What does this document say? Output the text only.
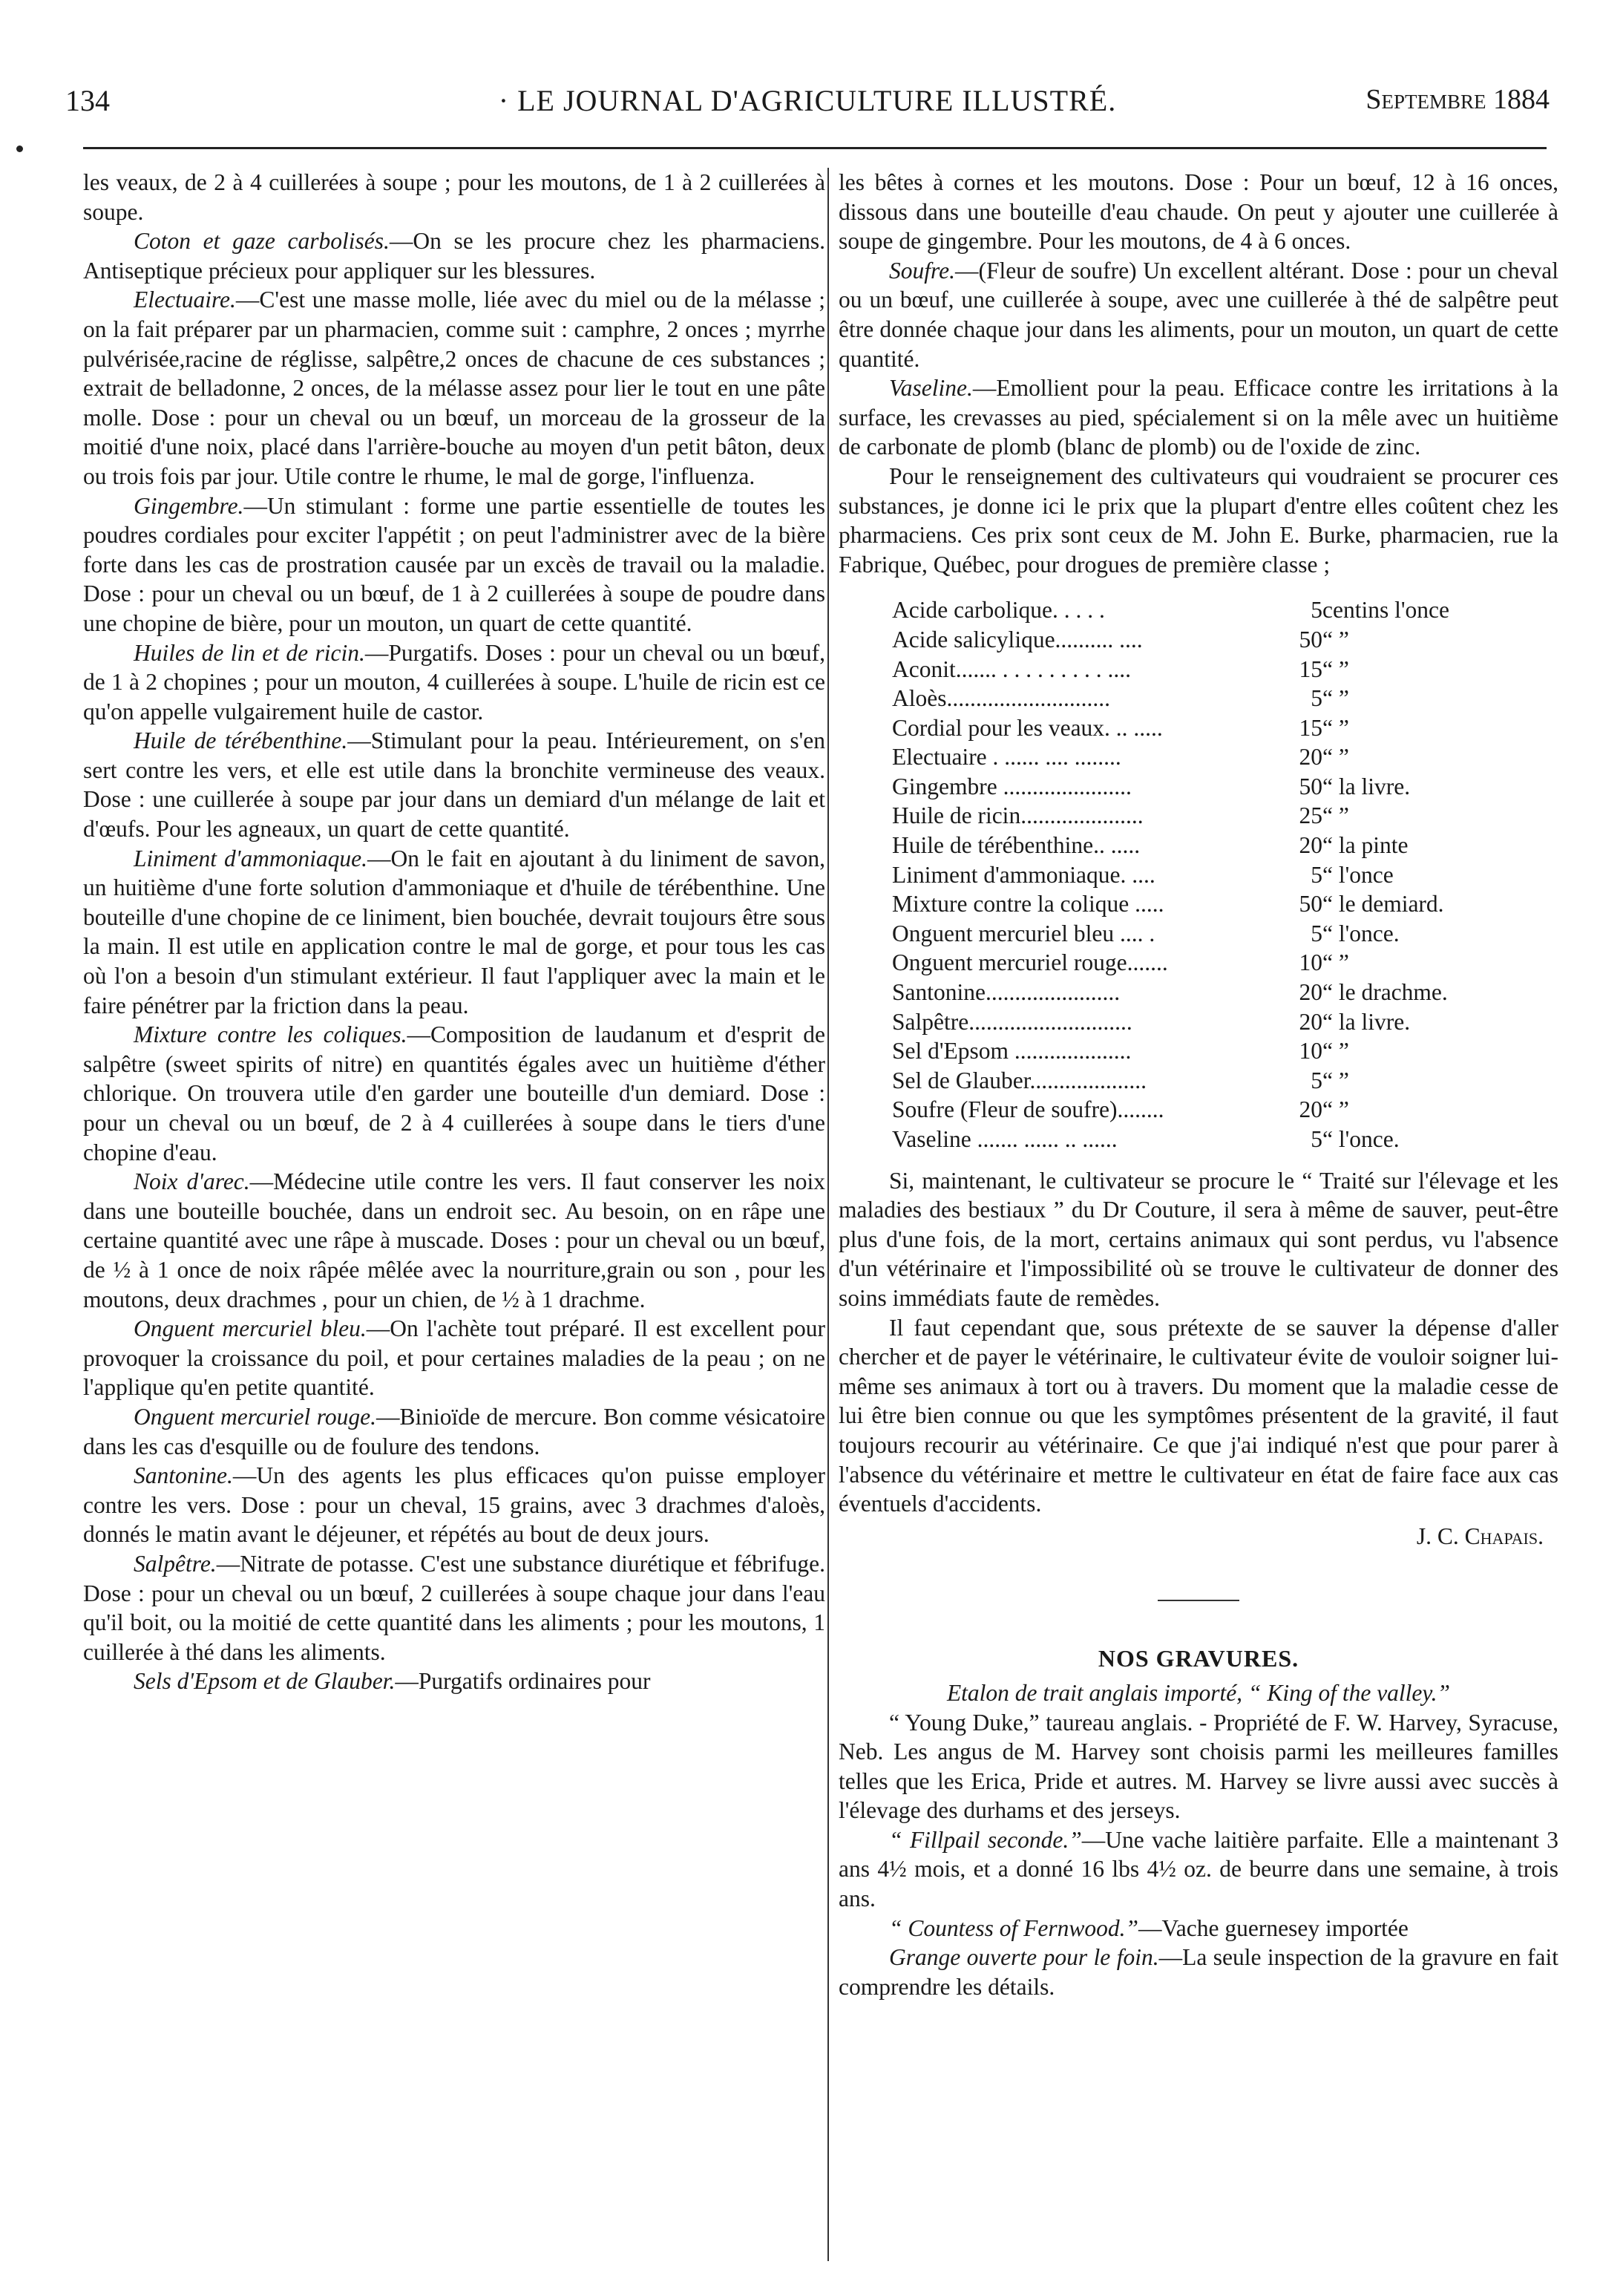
134	· LE JOURNAL D'AGRICULTURE ILLUSTRÉ.	Septembre 1884

les veaux, de 2 à 4 cuillerées à soupe ; pour les moutons, de 1 à 2 cuillerées à soupe.

Coton et gaze carbolisés.—On se les procure chez les pharmaciens. Antiseptique précieux pour appliquer sur les blessures.

Electuaire.—C'est une masse molle, liée avec du miel ou de la mélasse ; on la fait préparer par un pharmacien, comme suit : camphre, 2 onces ; myrrhe pulvérisée,racine de réglisse, salpêtre,2 onces de chacune de ces substances ; extrait de belladonne, 2 onces, de la mélasse assez pour lier le tout en une pâte molle. Dose : pour un cheval ou un bœuf, un morceau de la grosseur de la moitié d'une noix, placé dans l'arrière-bouche au moyen d'un petit bâton, deux ou trois fois par jour. Utile contre le rhume, le mal de gorge, l'influenza.

Gingembre.—Un stimulant : forme une partie essentielle de toutes les poudres cordiales pour exciter l'appétit ; on peut l'administrer avec de la bière forte dans les cas de prostration causée par un excès de travail ou la maladie. Dose : pour un cheval ou un bœuf, de 1 à 2 cuillerées à soupe de poudre dans une chopine de bière, pour un mouton, un quart de cette quantité.

Huiles de lin et de ricin.—Purgatifs. Doses : pour un cheval ou un bœuf, de 1 à 2 chopines ; pour un mouton, 4 cuillerées à soupe. L'huile de ricin est ce qu'on appelle vulgairement huile de castor.

Huile de térébenthine.—Stimulant pour la peau. Intérieurement, on s'en sert contre les vers, et elle est utile dans la bronchite vermineuse des veaux. Dose : une cuillerée à soupe par jour dans un demiard d'un mélange de lait et d'œufs. Pour les agneaux, un quart de cette quantité.

Liniment d'ammoniaque.—On le fait en ajoutant à du liniment de savon, un huitième d'une forte solution d'ammoniaque et d'huile de térébenthine. Une bouteille d'une chopine de ce liniment, bien bouchée, devrait toujours être sous la main. Il est utile en application contre le mal de gorge, et pour tous les cas où l'on a besoin d'un stimulant extérieur. Il faut l'appliquer avec la main et le faire pénétrer par la friction dans la peau.

Mixture contre les coliques.—Composition de laudanum et d'esprit de salpêtre (sweet spirits of nitre) en quantités égales avec un huitième d'éther chlorique. On trouvera utile d'en garder une bouteille d'un demiard. Dose : pour un cheval ou un bœuf, de 2 à 4 cuillerées à soupe dans le tiers d'une chopine d'eau.

Noix d'arec.—Médecine utile contre les vers. Il faut conserver les noix dans une bouteille bouchée, dans un endroit sec. Au besoin, on en râpe une certaine quantité avec une râpe à muscade. Doses : pour un cheval ou un bœuf, de ½ à 1 once de noix râpée mêlée avec la nourriture,grain ou son , pour les moutons, deux drachmes , pour un chien, de ½ à 1 drachme.

Onguent mercuriel bleu.—On l'achète tout préparé. Il est excellent pour provoquer la croissance du poil, et pour certaines maladies de la peau ; on ne l'applique qu'en petite quantité.

Onguent mercuriel rouge.—Binioïde de mercure. Bon comme vésicatoire dans les cas d'esquille ou de foulure des tendons.

Santonine.—Un des agents les plus efficaces qu'on puisse employer contre les vers. Dose : pour un cheval, 15 grains, avec 3 drachmes d'aloès, donnés le matin avant le déjeuner, et répétés au bout de deux jours.

Salpêtre.—Nitrate de potasse. C'est une substance diurétique et fébrifuge. Dose : pour un cheval ou un bœuf, 2 cuillerées à soupe chaque jour dans l'eau qu'il boit, ou la moitié de cette quantité dans les aliments ; pour les moutons, 1 cuillerée à thé dans les aliments.

Sels d'Epsom et de Glauber.—Purgatifs ordinaires pour

les bêtes à cornes et les moutons. Dose : Pour un bœuf, 12 à 16 onces, dissous dans une bouteille d'eau chaude. On peut y ajouter une cuillerée à soupe de gingembre. Pour les moutons, de 4 à 6 onces.

Soufre.—(Fleur de soufre) Un excellent altérant. Dose : pour un cheval ou un bœuf, une cuillerée à soupe, avec une cuillerée à thé de salpêtre peut être donnée chaque jour dans les aliments, pour un mouton, un quart de cette quantité.

Vaseline.—Emollient pour la peau. Efficace contre les irritations à la surface, les crevasses au pied, spécialement si on la mêle avec un huitième de carbonate de plomb (blanc de plomb) ou de l'oxide de zinc.

Pour le renseignement des cultivateurs qui voudraient se procurer ces substances, je donne ici le prix que la plupart d'entre elles coûtent chez les pharmaciens. Ces prix sont ceux de M. John E. Burke, pharmacien, rue la Fabrique, Québec, pour drogues de première classe ;

Acide carbolique. . . . .	5	centins l'once
Acide salicylique.......... ....	50	“ ”
Aconit....... . . . . . . . . . ....	15	“ ”
Aloès............................	5	“ ”
Cordial pour les veaux. .. .....	15	“ ”
Electuaire . ...... .... ........	20	“ ”
Gingembre ......................	50	“ la livre.
Huile de ricin.....................	25	“ ”
Huile de térébenthine.. .....	20	“ la pinte
Liniment d'ammoniaque. ....	5	“ l'once
Mixture contre la colique .....	50	“ le demiard.
Onguent mercuriel bleu .... .	5	“ l'once.
Onguent mercuriel rouge.......	10	“ ”
Santonine.......................	20	“ le drachme.
Salpêtre............................	20	“ la livre.
Sel d'Epsom ....................	10	“ ”
Sel de Glauber....................	5	“ ”
Soufre (Fleur de soufre)........	20	“ ”
Vaseline ....... ...... .. ......	5	“ l'once.

Si, maintenant, le cultivateur se procure le “ Traité sur l'élevage et les maladies des bestiaux ” du Dr Couture, il sera à même de sauver, peut-être plus d'une fois, de la mort, certains animaux qui sont perdus, vu l'absence d'un vétérinaire et l'impossibilité où se trouve le cultivateur de donner des soins immédiats faute de remèdes.

Il faut cependant que, sous prétexte de se sauver la dépense d'aller chercher et de payer le vétérinaire, le cultivateur évite de vouloir soigner lui-même ses animaux à tort ou à travers. Du moment que la maladie cesse de lui être bien connue ou que les symptômes présentent de la gravité, il faut toujours recourir au vétérinaire. Ce que j'ai indiqué n'est que pour parer à l'absence du vétérinaire et mettre le cultivateur en état de faire face aux cas éventuels d'accidents.

J. C. Chapais.
NOS GRAVURES.

Etalon de trait anglais importé, “ King of the valley.”

“ Young Duke,” taureau anglais. - Propriété de F. W. Harvey, Syracuse, Neb. Les angus de M. Harvey sont choisis parmi les meilleures familles telles que les Erica, Pride et autres. M. Harvey se livre aussi avec succès à l'élevage des durhams et des jerseys.

“ Fillpail seconde.”—Une vache laitière parfaite. Elle a maintenant 3 ans 4½ mois, et a donné 16 lbs 4½ oz. de beurre dans une semaine, à trois ans.

“ Countess of Fernwood.”—Vache guernesey importée

Grange ouverte pour le foin.—La seule inspection de la gravure en fait comprendre les détails.
